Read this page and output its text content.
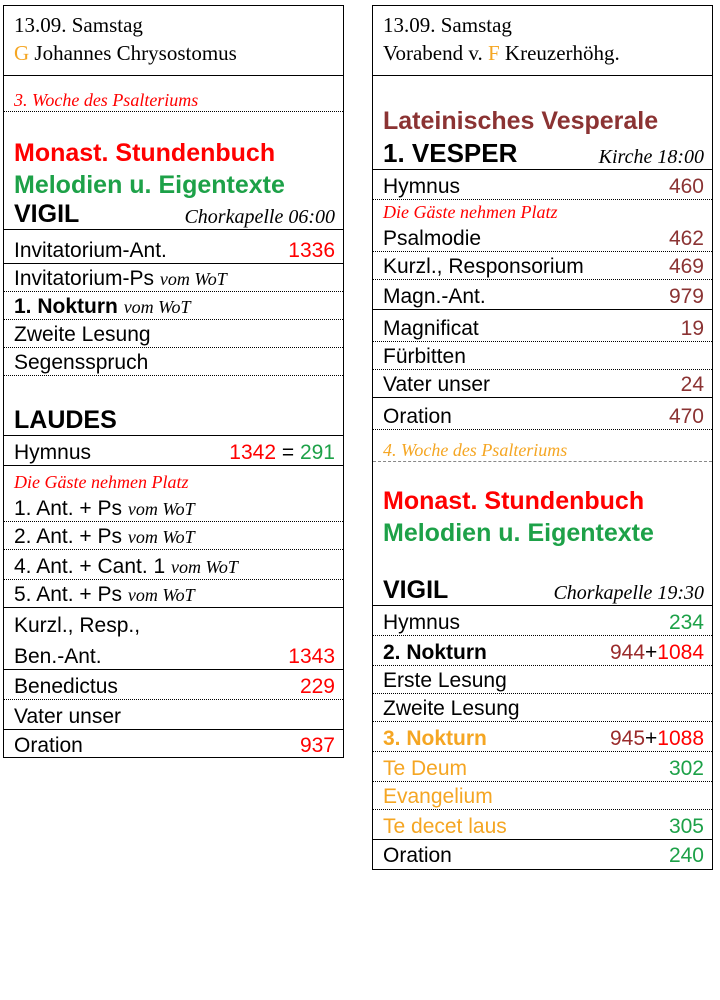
13.09. Samstag
G Johannes Chrysostomus
3. Woche des Psalteriums
Monast. Stundenbuch
Melodien u. Eigentexte
VIGIL	Chorkapelle 06:00
Invitatorium-Ant.	1336
Invitatorium-Ps vom WoT
1. Nokturn vom WoT
Zweite Lesung
Segensspruch
LAUDES
Hymnus	1342 = 291
Die Gäste nehmen Platz
1. Ant. + Ps vom WoT
2. Ant. + Ps vom WoT
4. Ant. + Cant. 1 vom WoT
5. Ant. + Ps vom WoT
Kurzl., Resp.,
Ben.-Ant.	1343
Benedictus	229
Vater unser
Oration	937
13.09. Samstag
Vorabend v. F Kreuzerhöhg.
Lateinisches Vesperale
1. VESPER	Kirche 18:00
Hymnus	460
Die Gäste nehmen Platz
Psalmodie	462
Kurzl., Responsorium	469
Magn.-Ant.	979
Magnificat	19
Fürbitten
Vater unser	24
Oration	470
4. Woche des Psalteriums
Monast. Stundenbuch
Melodien u. Eigentexte
VIGIL	Chorkapelle 19:30
Hymnus	234
2. Nokturn	944+1084
Erste Lesung
Zweite Lesung
3. Nokturn	945+1088
Te Deum	302
Evangelium
Te decet laus	305
Oration	240
